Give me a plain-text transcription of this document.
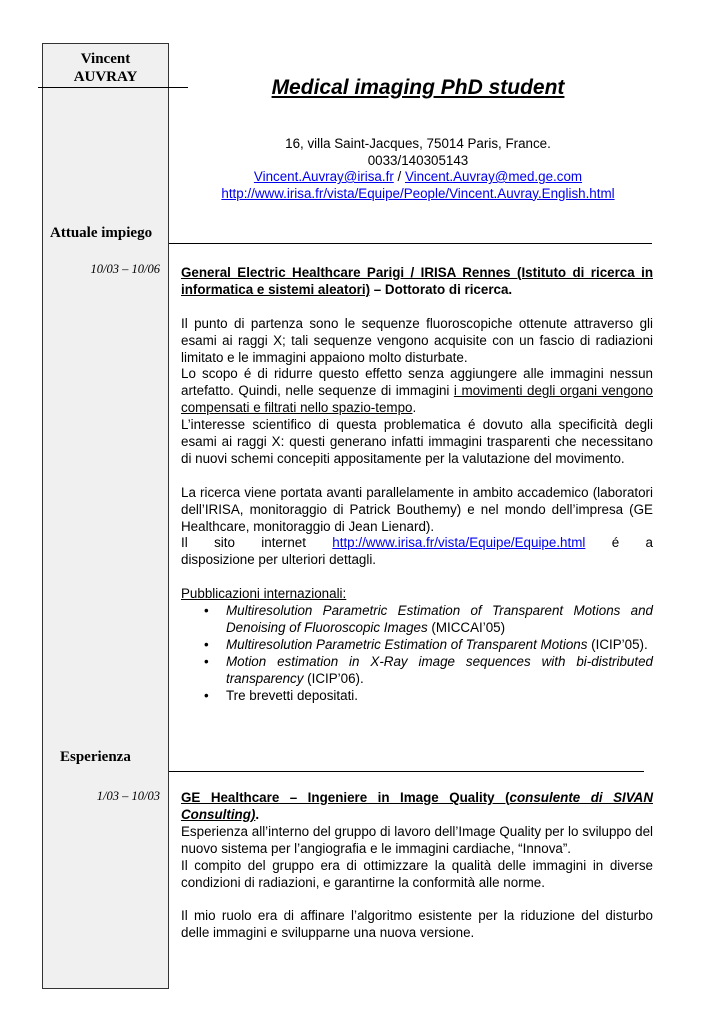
Vincent
AUVRAY	Medical imaging PhD student
16, villa Saint-Jacques, 75014 Paris, France.
0033/140305143
Vincent.Auvray@irisa.fr / Vincent.Auvray@med.ge.com
http://www.irisa.fr/vista/Equipe/People/Vincent.Auvray.English.html
Attuale impiego
Esperienza
10/03 – 10/06
1/03 – 10/03

General Electric Healthcare Parigi / IRISA Rennes (Istituto di ricerca in informatica e sistemi aleatori) – Dottorato di ricerca.

Il punto di partenza sono le sequenze fluoroscopiche ottenute attraverso gli esami ai raggi X; tali sequenze vengono acquisite con un fascio di radiazioni limitato e le immagini appaiono molto disturbate.

Lo scopo é di ridurre questo effetto senza aggiungere alle immagini nessun artefatto. Quindi, nelle sequenze di immagini i movimenti degli organi vengono compensati e filtrati nello spazio-tempo.

L’interesse scientifico di questa problematica é dovuto alla specificità degli esami ai raggi X: questi generano infatti immagini trasparenti che necessitano di nuovi schemi concepiti appositamente per la valutazione del movimento.

La ricerca viene portata avanti parallelamente in ambito accademico (laboratori dell’IRISA, monitoraggio di Patrick Bouthemy) e nel mondo dell’impresa (GE Healthcare, monitoraggio di Jean Lienard).

Il sito internet http://www.irisa.fr/vista/Equipe/Equipe.html é a

disposizione per ulteriori dettagli.

Pubblicazioni internazionali:

• Multiresolution Parametric Estimation of Transparent Motions and Denoising of Fluoroscopic Images (MICCAI’05)
• Multiresolution Parametric Estimation of Transparent Motions (ICIP’05).
• Motion estimation in X-Ray image sequences with bi-distributed transparency (ICIP’06).
• Tre brevetti depositati.

GE Healthcare – Ingeniere in Image Quality (consulente di SIVAN Consulting).

Esperienza all’interno del gruppo di lavoro dell’Image Quality per lo sviluppo del nuovo sistema per l’angiografia e le immagini cardiache, “Innova”.

Il compito del gruppo era di ottimizzare la qualità delle immagini in diverse condizioni di radiazioni, e garantirne la conformità alle norme.

Il mio ruolo era di affinare l’algoritmo esistente per la riduzione del disturbo delle immagini e svilupparne una nuova versione.
